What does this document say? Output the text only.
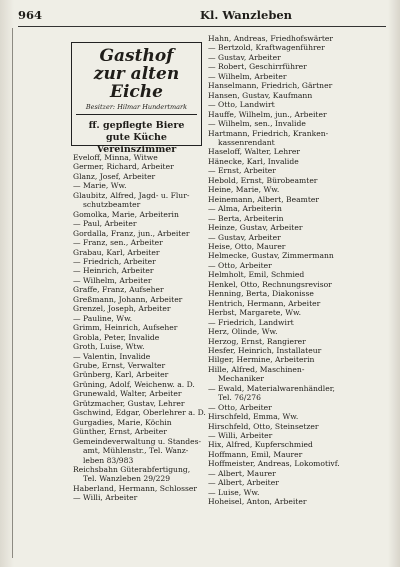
964	Kl. Wanzleben
Gasthof
zur alten Eiche
Besitzer: Hilmar Hundertmark
ff. gepflegte Biere
gute Küche
Vereinszimmer
Eveloff, Minna, Witwe
Germer, Richard, Arbeiter
Glanz, Josef, Arbeiter
— Marie, Ww.
Glaubitz, Alfred, Jagd- u. Flur-
schutzbeamter
Gomolka, Marie, Arbeiterin
— Paul, Arbeiter
Gordalla, Franz, jun., Arbeiter
— Franz, sen., Arbeiter
Grabau, Karl, Arbeiter
— Friedrich, Arbeiter
— Heinrich, Arbeiter
— Wilhelm, Arbeiter
Graffe, Franz, Aufseher
Greßmann, Johann, Arbeiter
Grenzel, Joseph, Arbeiter
— Pauline, Ww.
Grimm, Heinrich, Aufseher
Grobla, Peter, Invalide
Groth, Luise, Wtw.
— Valentin, Invalide
Grube, Ernst, Verwalter
Grünberg, Karl, Arbeiter
Grüning, Adolf, Weichenw. a. D.
Grunewald, Walter, Arbeiter
Grützmacher, Gustav, Lehrer
Gschwind, Edgar, Oberlehrer a. D.
Gurgadies, Marie, Köchin
Günther, Ernst, Arbeiter
Gemeindeverwaltung u. Standes-
amt, Mühlenstr., Tel. Wanz-
leben 83/983
Reichsbahn Güterabfertigung,
Tel. Wanzleben 29/229
Haberland, Hermann, Schlosser
— Willi, Arbeiter
Hahn, Andreas, Friedhofswärter
— Bertzold, Kraftwagenführer
— Gustav, Arbeiter
— Robert, Geschirrführer
— Wilhelm, Arbeiter
Hanselmann, Friedrich, Gärtner
Hansen, Gustav, Kaufmann
— Otto, Landwirt
Hauffe, Wilhelm, jun., Arbeiter
— Wilhelm, sen., Invalide
Hartmann, Friedrich, Kranken-
kassenrendant
Haseloff, Walter, Lehrer
Hänecke, Karl, Invalide
— Ernst, Arbeiter
Hebold, Ernst, Bürobeamter
Heine, Marie, Ww.
Heinemann, Albert, Beamter
— Alma, Arbeiterin
— Berta, Arbeiterin
Heinze, Gustav, Arbeiter
— Gustav, Arbeiter
Heise, Otto, Maurer
Helmecke, Gustav, Zimmermann
— Otto, Arbeiter
Helmholt, Emil, Schmied
Henkel, Otto, Rechnungsrevisor
Henning, Berta, Diakonisse
Hentrich, Hermann, Arbeiter
Herbst, Margarete, Ww.
— Friedrich, Landwirt
Herz, Olinde, Ww.
Herzog, Ernst, Rangierer
Hesfer, Heinrich, Installateur
Hilger, Hermine, Arbeiterin
Hille, Alfred, Maschinen-
Mechaniker
— Ewald, Materialwarenhändler,
Tel. 76/276
— Otto, Arbeiter
Hirschfeld, Emma, Ww.
Hirschfeld, Otto, Steinsetzer
— Willi, Arbeiter
Hix, Alfred, Kupferschmied
Hoffmann, Emil, Maurer
Hoffmeister, Andreas, Lokomotivf.
— Albert, Maurer
— Albert, Arbeiter
— Luise, Ww.
Hoheisel, Anton, Arbeiter
